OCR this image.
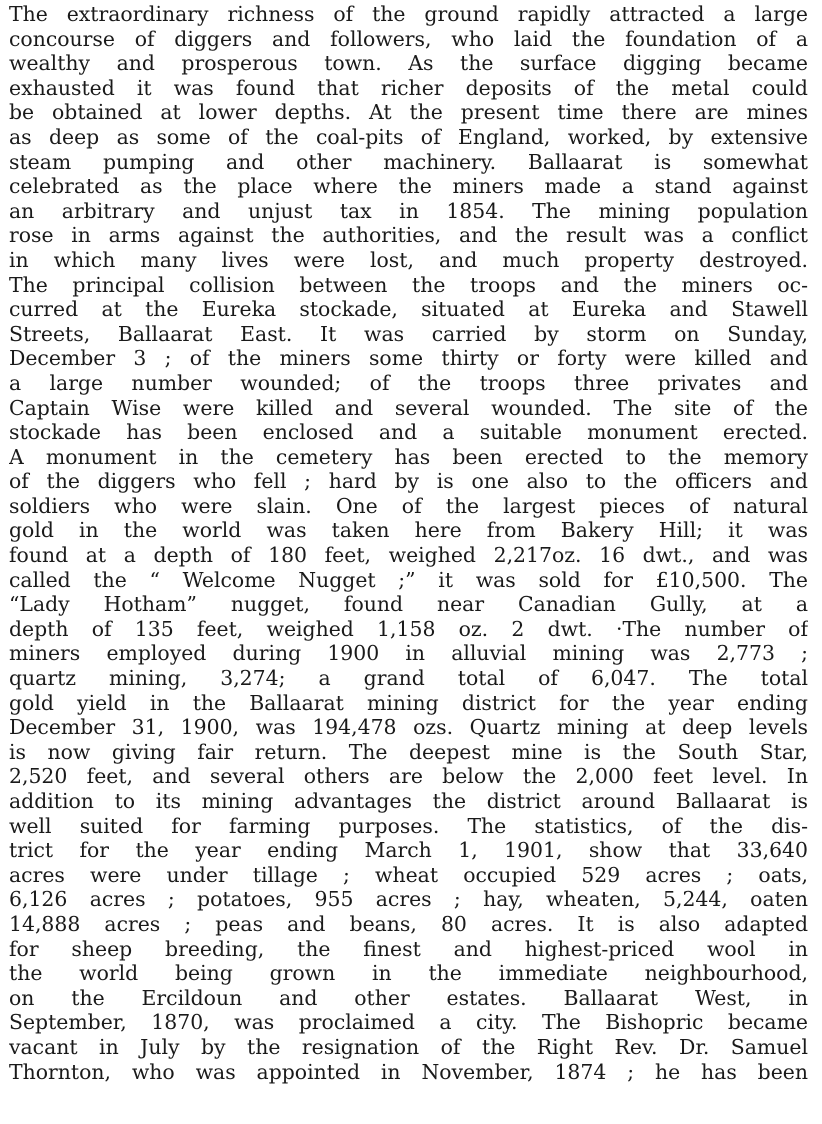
The extraordinary richness of the ground rapidly attracted a large
concourse of diggers and followers, who laid the foundation of a
wealthy and prosperous town. As the surface digging became
exhausted it was found that richer deposits of the metal could
be obtained at lower depths. At the present time there are mines
as deep as some of the coal-pits of England, worked, by extensive
steam pumping and other machinery. Ballaarat is somewhat
celebrated as the place where the miners made a stand against
an arbitrary and unjust tax in 1854. The mining population
rose in arms against the authorities, and the result was a conflict
in which many lives were lost, and much property destroyed.
The principal collision between the troops and the miners oc-
curred at the Eureka stockade, situated at Eureka and Stawell
Streets, Ballaarat East. It was carried by storm on Sunday,
December 3 ; of the miners some thirty or forty were killed and
a large number wounded; of the troops three privates and
Captain Wise were killed and several wounded. The site of the
stockade has been enclosed and a suitable monument erected.
A monument in the cemetery has been erected to the memory
of the diggers who fell ; hard by is one also to the officers and
soldiers who were slain. One of the largest pieces of natural
gold in the world was taken here from Bakery Hill; it was
found at a depth of 180 feet, weighed 2,217oz. 16 dwt., and was
called the “ Welcome Nugget ;” it was sold for £10,500. The
“Lady Hotham” nugget, found near Canadian Gully, at a
depth of 135 feet, weighed 1,158 oz. 2 dwt. ·The number of
miners employed during 1900 in alluvial mining was 2,773 ;
quartz mining, 3,274; a grand total of 6,047. The total
gold yield in the Ballaarat mining district for the year ending
December 31, 1900, was 194,478 ozs. Quartz mining at deep levels
is now giving fair return. The deepest mine is the South Star,
2,520 feet, and several others are below the 2,000 feet level. In
addition to its mining advantages the district around Ballaarat is
well suited for farming purposes. The statistics, of the dis-
trict for the year ending March 1, 1901, show that 33,640
acres were under tillage ; wheat occupied 529 acres ; oats,
6,126 acres ; potatoes, 955 acres ; hay, wheaten, 5,244, oaten
14,888 acres ; peas and beans, 80 acres. It is also adapted
for sheep breeding, the finest and highest-priced wool in
the world being grown in the immediate neighbourhood,
on the Ercildoun and other estates. Ballaarat West, in
September, 1870, was proclaimed a city. The Bishopric became
vacant in July by the resignation of the Right Rev. Dr. Samuel
Thornton, who was appointed in November, 1874 ; he has been
